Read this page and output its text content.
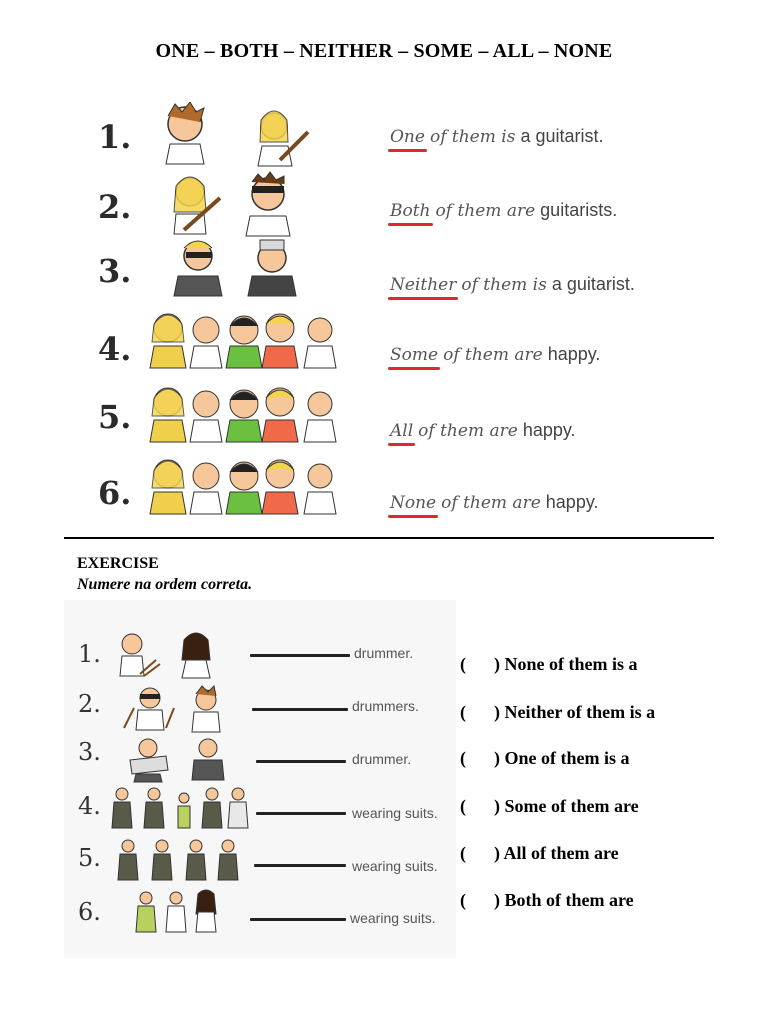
ONE – BOTH – NEITHER – SOME – ALL – NONE
1.	One of them is a guitarist.
2.	Both of them are guitarists.
3.	Neither of them is a guitarist.
4.	Some of them are happy.
5.	All of them are happy.
6.	None of them are happy.
EXERCISE
Numere na ordem correta.
1.	drummer.
2.	drummers.
3.	drummer.
4.	wearing suits.
5.	wearing suits.
6.	wearing suits.
( ) None of them is a
( ) Neither of them is a
( ) One of them is a
( ) Some of them are
( ) All of them are
( ) Both of them are
